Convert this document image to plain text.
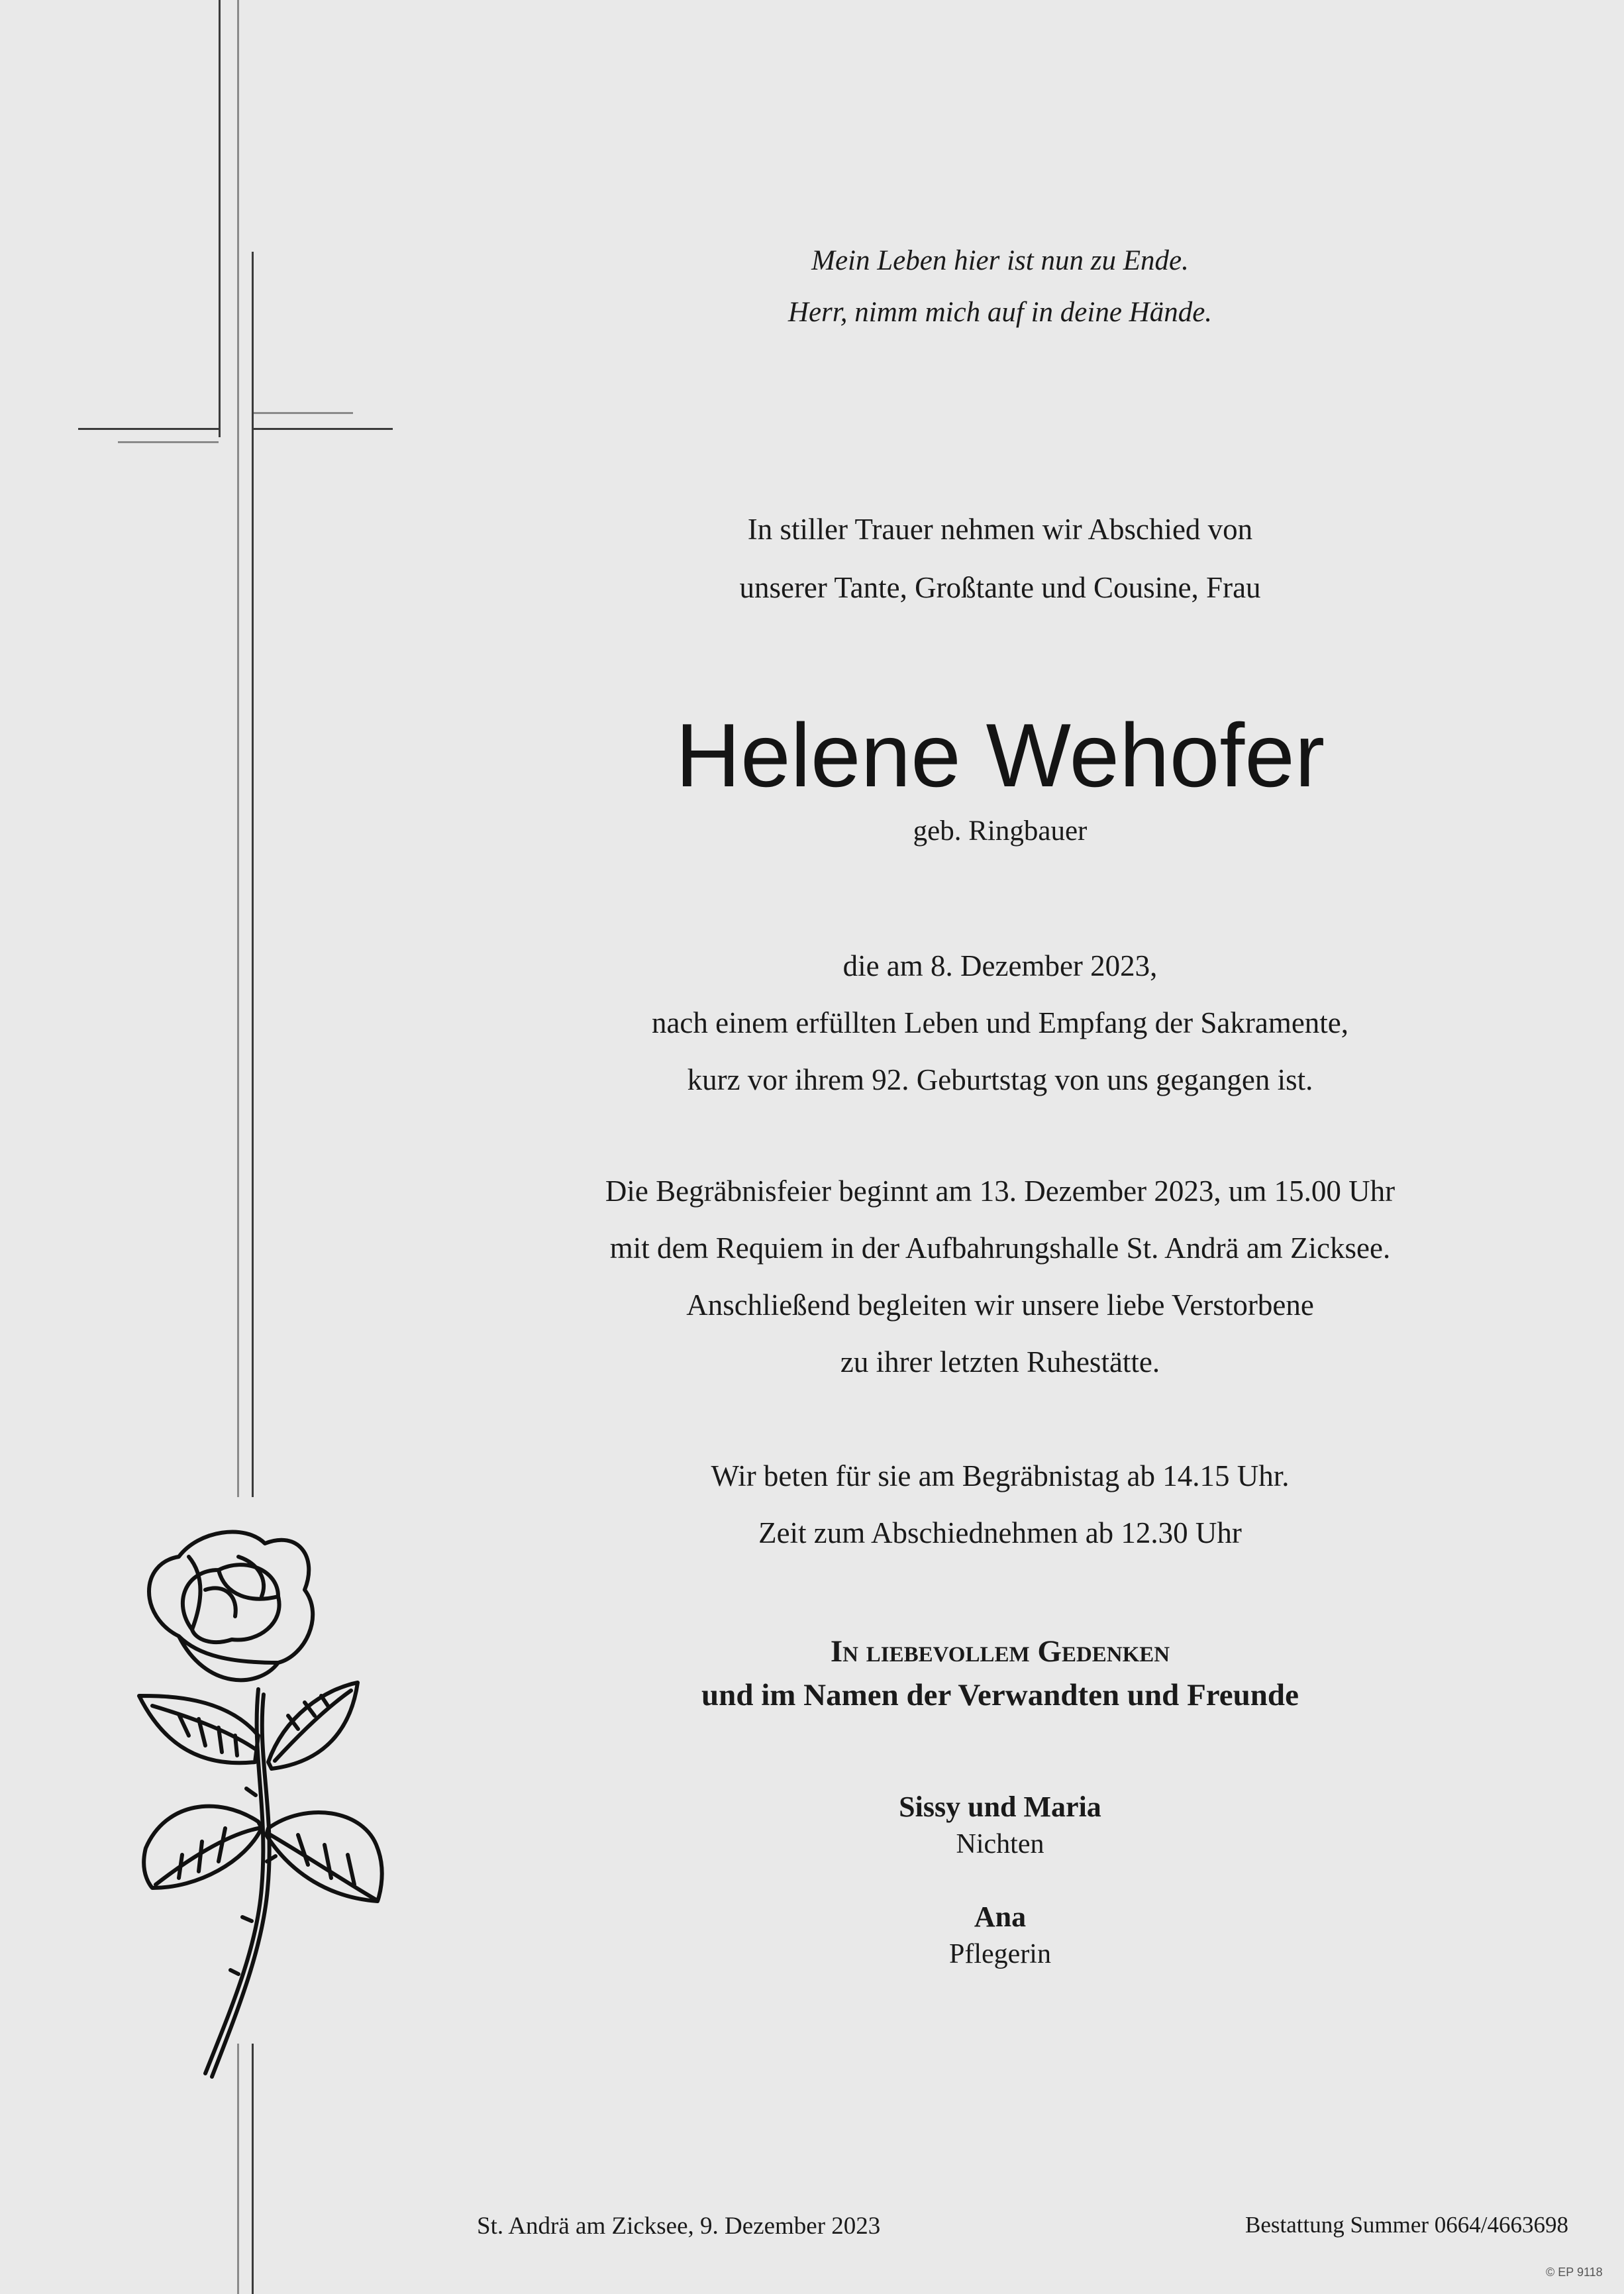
Mein Leben hier ist nun zu Ende.
Herr, nimm mich auf in deine Hände.
In stiller Trauer nehmen wir Abschied von
unserer Tante, Großtante und Cousine, Frau
Helene Wehofer
geb. Ringbauer
die am 8. Dezember 2023,
nach einem erfüllten Leben und Empfang der Sakramente,
kurz vor ihrem 92. Geburtstag von uns gegangen ist.
Die Begräbnisfeier beginnt am 13. Dezember 2023, um 15.00 Uhr
mit dem Requiem in der Aufbahrungshalle St. Andrä am Zicksee.
Anschließend begleiten wir unsere liebe Verstorbene
zu ihrer letzten Ruhestätte.
Wir beten für sie am Begräbnistag ab 14.15 Uhr.
Zeit zum Abschiednehmen ab 12.30 Uhr
In liebevollem Gedenken
und im Namen der Verwandten und Freunde
Sissy und Maria
Nichten
Ana
Pflegerin
St. Andrä am Zicksee, 9. Dezember 2023	Bestattung Summer 0664/4663698
© EP 9118
